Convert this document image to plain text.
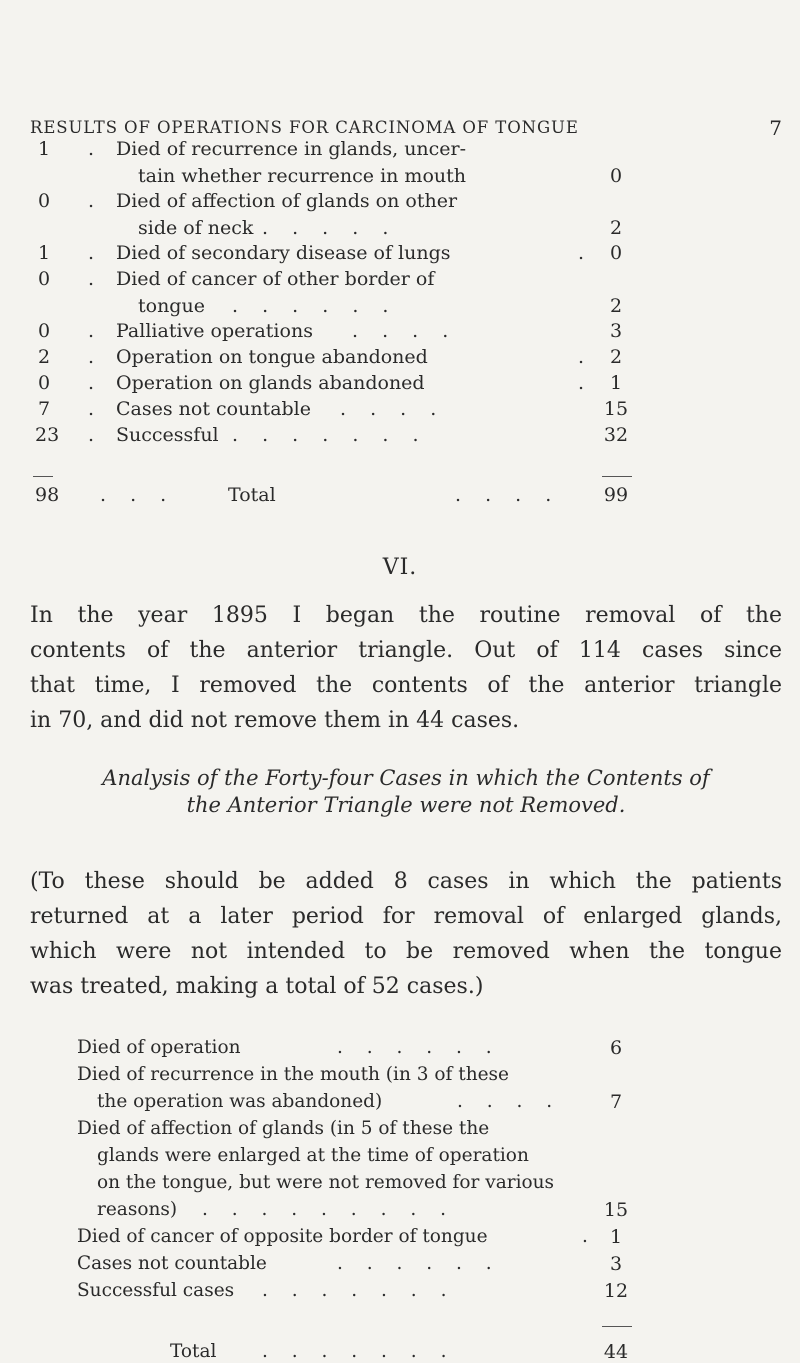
RESULTS OF OPERATIONS FOR CARCINOMA OF TONGUE	7
1 . Died of recurrence in glands, uncer-
tain whether recurrence in mouth	0
0 . Died of affection of glands on other
side of neck . . . . .	2
1 . Died of secondary disease of lungs	. 0
0 . Died of cancer of other border of
tongue . . . . . .	2
0 . Palliative operations . . . .	3
2 . Operation on tongue abandoned	. 2
0 . Operation on glands abandoned	. 1
7 . Cases not countable . . . .	15
23 . Successful . . . . . . .	32
98 . . .	Total	. . . . 99
VI.
In the year 1895 I began the routine removal of the
contents of the anterior triangle. Out of 114 cases since
that time, I removed the contents of the anterior triangle
in 70, and did not remove them in 44 cases.
Analysis of the Forty-four Cases in which the Contents of
the Anterior Triangle were not Removed.
(To these should be added 8 cases in which the patients
returned at a later period for removal of enlarged glands,
which were not intended to be removed when the tongue
was treated, making a total of 52 cases.)
Died of operation	. . . . . .	6
Died of recurrence in the mouth (in 3 of these
the operation was abandoned)	. . . .	7
Died of affection of glands (in 5 of these the
glands were enlarged at the time of operation
on the tongue, but were not removed for various
reasons) . . . . . . . . .	15
Died of cancer of opposite border of tongue	. 1
Cases not countable	. . . . . .	3
Successful cases . . . . . . .	12
Total . . . . . . .	44
